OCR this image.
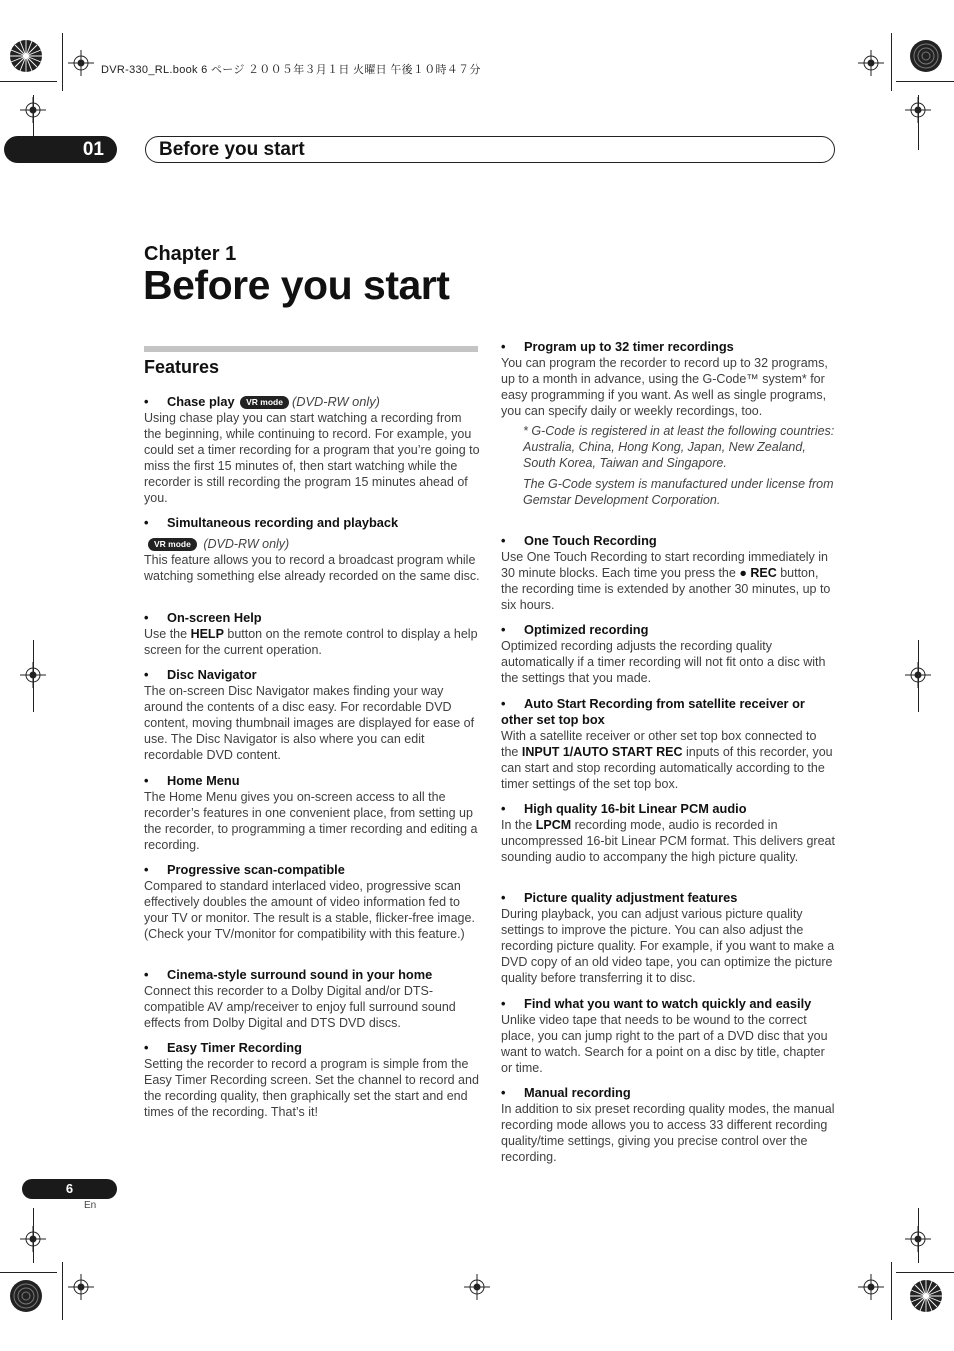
DVR-330_RL.book 6 ページ ２００５年３月１日 火曜日 午後１０時４７分
01	Before you start
Chapter 1
Before you start
Features
• Chase play VR mode (DVD-RW only)
Using chase play you can start watching a recording from the beginning, while continuing to record. For example, you could set a timer recording for a program that you’re going to miss the first 15 minutes of, then start watching while the recorder is still recording the program 15 minutes ahead of you.
• Simultaneous recording and playback
VR mode (DVD-RW only)
This feature allows you to record a broadcast program while watching something else already recorded on the same disc.
• On-screen Help
Use the HELP button on the remote control to display a help screen for the current operation.
• Disc Navigator
The on-screen Disc Navigator makes finding your way around the contents of a disc easy. For recordable DVD content, moving thumbnail images are displayed for ease of use. The Disc Navigator is also where you can edit recordable DVD content.
• Home Menu
The Home Menu gives you on-screen access to all the recorder’s features in one convenient place, from setting up the recorder, to programming a timer recording and editing a recording.
• Progressive scan-compatible
Compared to standard interlaced video, progressive scan effectively doubles the amount of video information fed to your TV or monitor. The result is a stable, flicker-free image. (Check your TV/monitor for compatibility with this feature.)
• Cinema-style surround sound in your home
Connect this recorder to a Dolby Digital and/or DTS-compatible AV amp/receiver to enjoy full surround sound effects from Dolby Digital and DTS DVD discs.
• Easy Timer Recording
Setting the recorder to record a program is simple from the Easy Timer Recording screen. Set the channel to record and the recording quality, then graphically set the start and end times of the recording. That’s it!
• Program up to 32 timer recordings
You can program the recorder to record up to 32 programs, up to a month in advance, using the G-Code™ system* for easy programming if you want. As well as single programs, you can specify daily or weekly recordings, too.
* G-Code is registered in at least the following countries: Australia, China, Hong Kong, Japan, New Zealand, South Korea, Taiwan and Singapore.
The G-Code system is manufactured under license from Gemstar Development Corporation.
• One Touch Recording
Use One Touch Recording to start recording immediately in 30 minute blocks. Each time you press the ● REC button, the recording time is extended by another 30 minutes, up to six hours.
• Optimized recording
Optimized recording adjusts the recording quality automatically if a timer recording will not fit onto a disc with the settings that you made.
• Auto Start Recording from satellite receiver or other set top box
With a satellite receiver or other set top box connected to the INPUT 1/AUTO START REC inputs of this recorder, you can start and stop recording automatically according to the timer settings of the set top box.
• High quality 16-bit Linear PCM audio
In the LPCM recording mode, audio is recorded in uncompressed 16-bit Linear PCM format. This delivers great sounding audio to accompany the high picture quality.
• Picture quality adjustment features
During playback, you can adjust various picture quality settings to improve the picture. You can also adjust the recording picture quality. For example, if you want to make a DVD copy of an old video tape, you can optimize the picture quality before transferring it to disc.
• Find what you want to watch quickly and easily
Unlike video tape that needs to be wound to the correct place, you can jump right to the part of a DVD disc that you want to watch. Search for a point on a disc by title, chapter or time.
• Manual recording
In addition to six preset recording quality modes, the manual recording mode allows you to access 33 different recording quality/time settings, giving you precise control over the recording.
6
En
